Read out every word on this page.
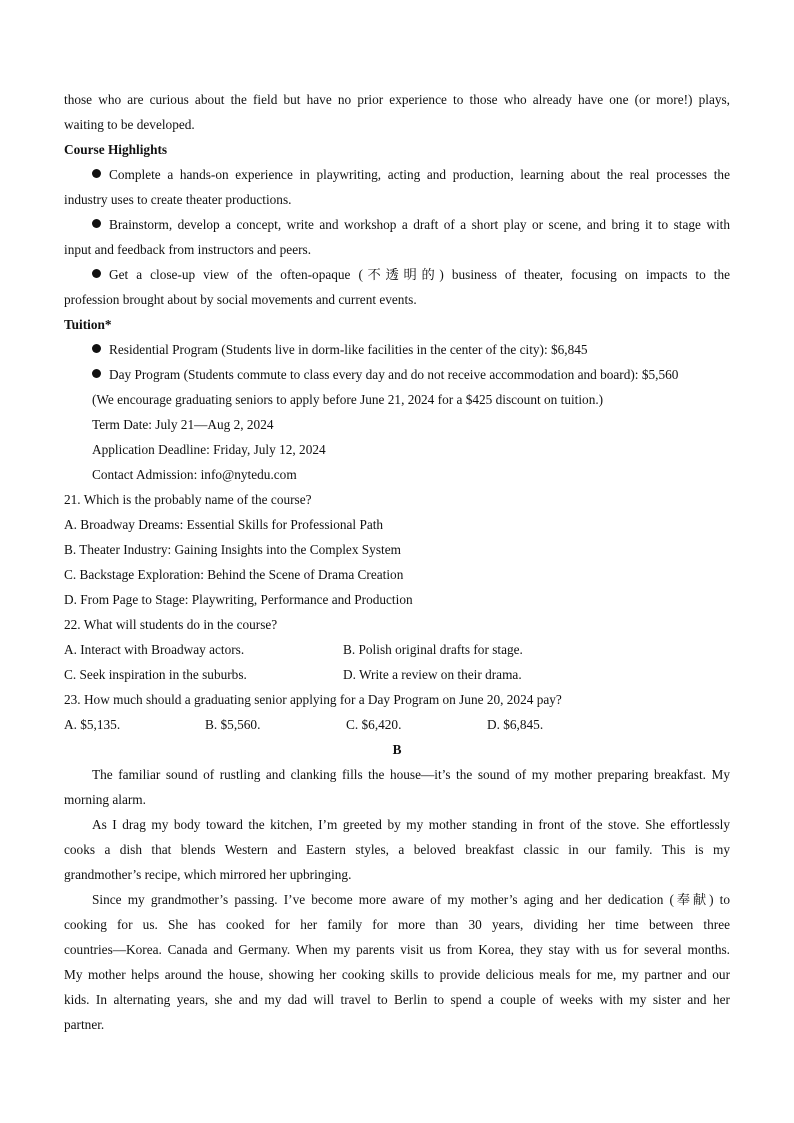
those who are curious about the field but have no prior experience to those who already have one (or more!) plays,

waiting to be developed.

Course Highlights

Complete a hands-on experience in playwriting, acting and production, learning about the real processes the

industry uses to create theater productions.

Brainstorm, develop a concept, write and workshop a draft of a short play or scene, and bring it to stage with

input and feedback from instructors and peers.

Get a close-up view of the often-opaque (不透明的) business of theater, focusing on impacts to the

profession brought about by social movements and current events.

Tuition*

Residential Program (Students live in dorm-like facilities in the center of the city): $6,845

Day Program (Students commute to class every day and do not receive accommodation and board): $5,560

(We encourage graduating seniors to apply before June 21, 2024 for a $425 discount on tuition.)

Term Date: July 21—Aug 2, 2024

Application Deadline: Friday, July 12, 2024

Contact Admission: info@nytedu.com

21. Which is the probably name of the course?

A. Broadway Dreams: Essential Skills for Professional Path

B. Theater Industry: Gaining Insights into the Complex System

C. Backstage Exploration: Behind the Scene of Drama Creation

D. From Page to Stage: Playwriting, Performance and Production

22. What will students do in the course?

A. Interact with Broadway actors.	B. Polish original drafts for stage.
C. Seek inspiration in the suburbs.	D. Write a review on their drama.

23. How much should a graduating senior applying for a Day Program on June 20, 2024 pay?

A. $5,135.	B. $5,560.	C. $6,420.	D. $6,845.

B

The familiar sound of rustling and clanking fills the house—it’s the sound of my mother preparing breakfast. My

morning alarm.

As I drag my body toward the kitchen, I’m greeted by my mother standing in front of the stove. She effortlessly

cooks a dish that blends Western and Eastern styles, a beloved breakfast classic in our family. This is my

grandmother’s recipe, which mirrored her upbringing.

Since my grandmother’s passing. I’ve become more aware of my mother’s aging and her dedication (奉献) to

cooking for us. She has cooked for her family for more than 30 years, dividing her time between three

countries—Korea. Canada and Germany. When my parents visit us from Korea, they stay with us for several months.

My mother helps around the house, showing her cooking skills to provide delicious meals for me, my partner and our

kids. In alternating years, she and my dad will travel to Berlin to spend a couple of weeks with my sister and her

partner.
